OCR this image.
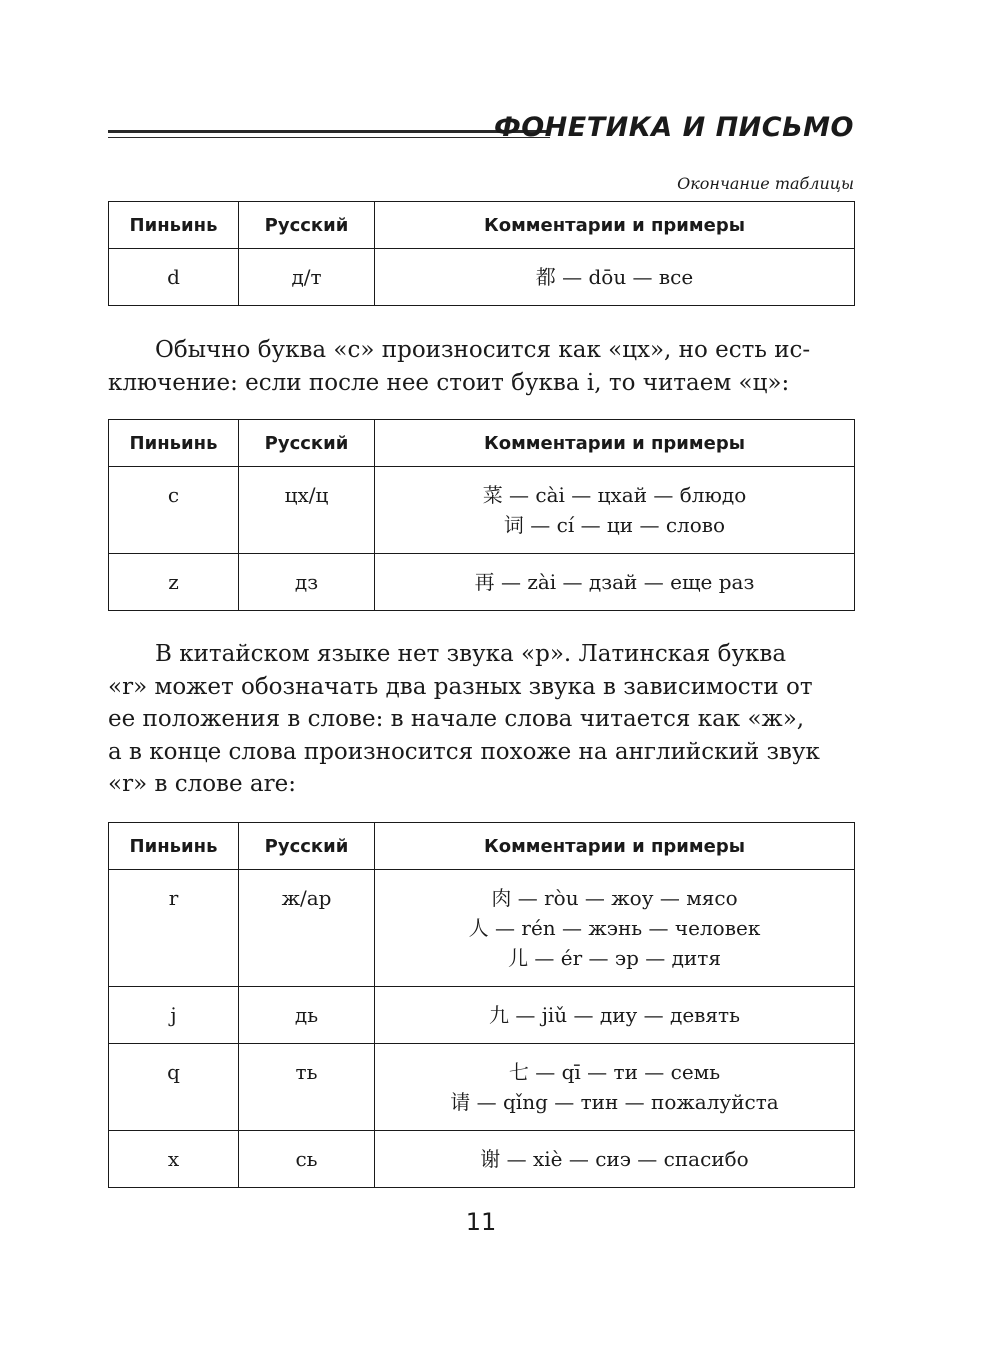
ФОНЕТИКА И ПИСЬМО
Окончание таблицы
Пиньинь	Русский	Комментарии и примеры
d	д/т	都 — dōu — все
Обычно буква «с» произносится как «цх», но есть ис-
ключение: если после нее стоит буква i, то читаем «ц»:
Пиньинь	Русский	Комментарии и примеры
c	цх/ц	菜 — cài — цхай — блюдо
词 — cí — ци — слово

z	дз	再 — zài — дзай — еще раз
В китайском языке нет звука «р». Латинская буква
«r» может обозначать два разных звука в зависимости от
ее положения в слове: в начале слова читается как «ж»,
а в конце слова произносится похоже на английский звук
«r» в слове are:
Пиньинь	Русский	Комментарии и примеры
r	ж/ар	肉 — ròu — жоу — мясо
人 — rén — жэнь — человек
儿 — ér — эр — дитя

j	дь	九 — jiǔ — диу — девять

q	ть	七 — qī — ти — семь
请 — qǐng — тин — пожалуйста

x	сь	谢 — xiè — сиэ — спасибо
11
